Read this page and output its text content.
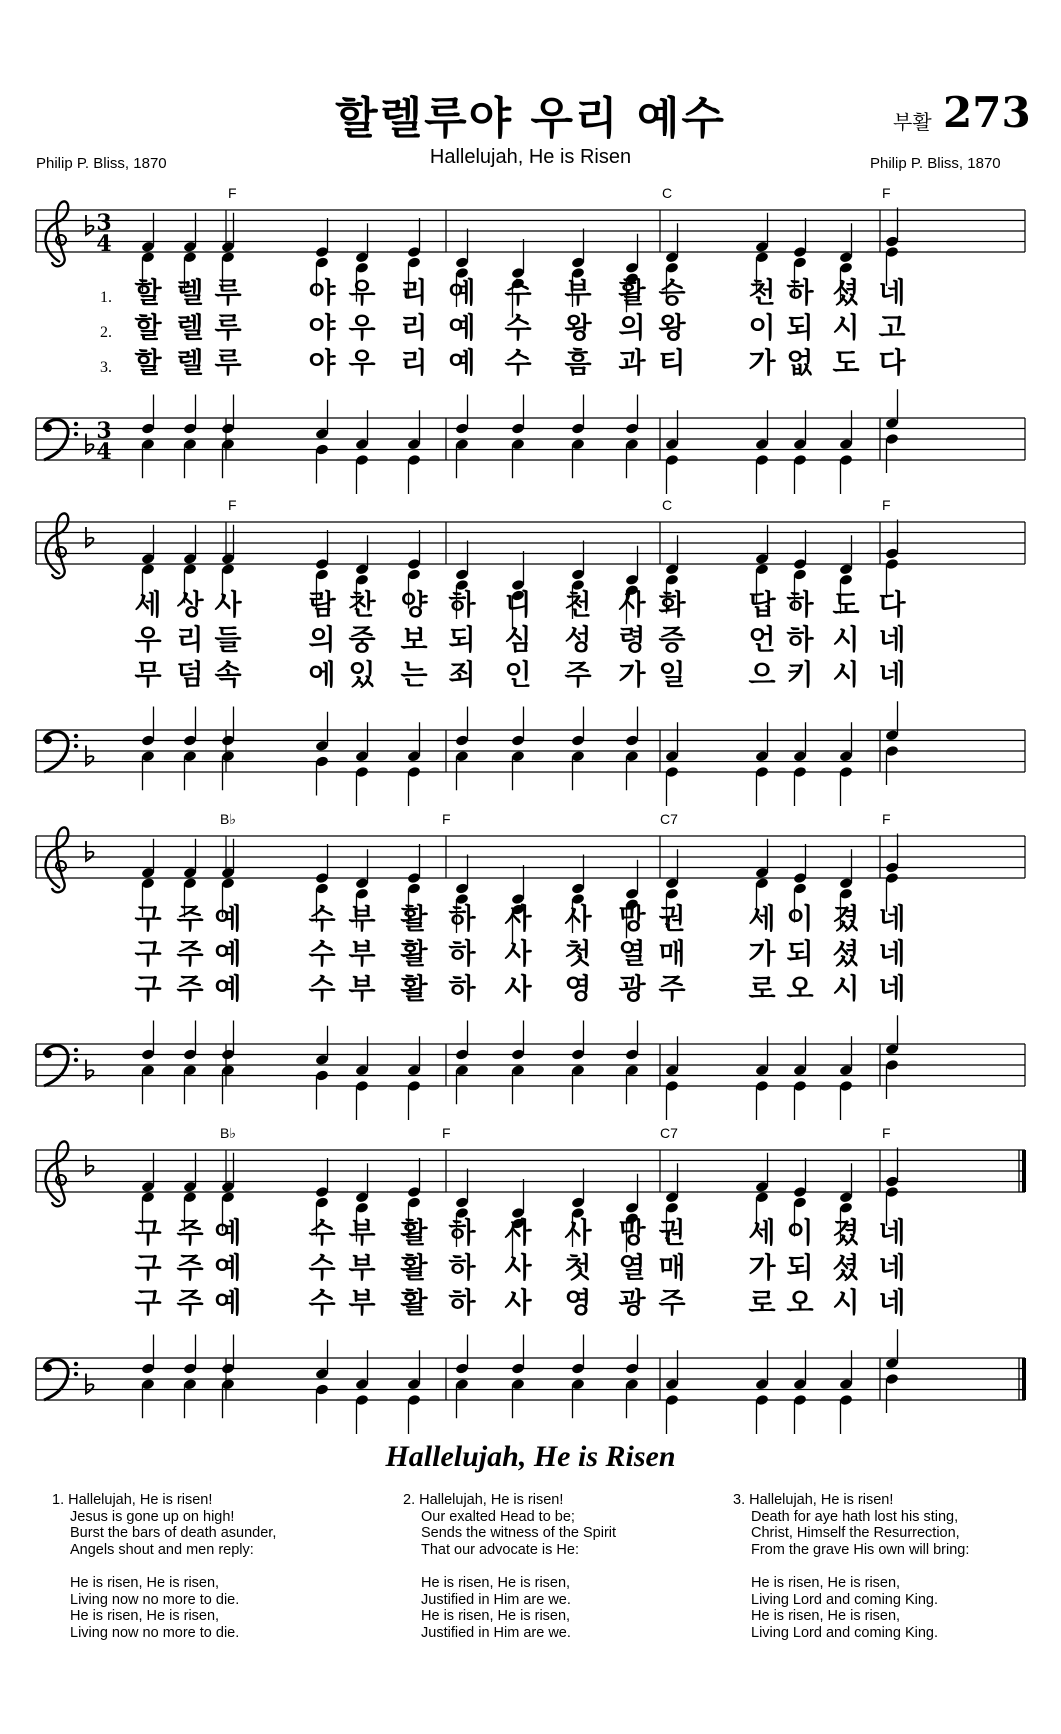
할렐루야 우리 예수	부활 273
Hallelujah, He is Risen
Philip P. Bliss, 1870	Philip P. Bliss, 1870
3
4
3
4
F	C	F
1.
2.
3.
할 렐 루 야 우 리 예 수 부 활 승 천 하 셨 네
할 렐 루 야 우 리 예 수 왕 의 왕 이 되 시 고
할 렐 루 야 우 리 예 수 흠 과 티 가 없 도 다
F	C	F
세 상 사 람 찬 양 하 니 천 사 화 답 하 도 다
우 리 들 의 중 보 되 심 성 령 증 언 하 시 네
무 덤 속 에 있 는 죄 인 주 가 일 으 키 시 네
B♭	F	C7	F
구 주 예 수 부 활 하 사 사 망 권 세 이 겼 네
구 주 예 수 부 활 하 사 첫 열 매 가 되 셨 네
구 주 예 수 부 활 하 사 영 광 주 로 오 시 네
B♭	F	C7	F
구 주 예 수 부 활 하 사 사 망 권 세 이 겼 네
구 주 예 수 부 활 하 사 첫 열 매 가 되 셨 네
구 주 예 수 부 활 하 사 영 광 주 로 오 시 네
Hallelujah, He is Risen
1. Hallelujah, He is risen!
Jesus is gone up on high!
Burst the bars of death asunder,
Angels shout and men reply:
He is risen, He is risen,
Living now no more to die.
He is risen, He is risen,
Living now no more to die.
2. Hallelujah, He is risen!
Our exalted Head to be;
Sends the witness of the Spirit
That our advocate is He:
He is risen, He is risen,
Justified in Him are we.
He is risen, He is risen,
Justified in Him are we.
3. Hallelujah, He is risen!
Death for aye hath lost his sting,
Christ, Himself the Resurrection,
From the grave His own will bring:
He is risen, He is risen,
Living Lord and coming King.
He is risen, He is risen,
Living Lord and coming King.
